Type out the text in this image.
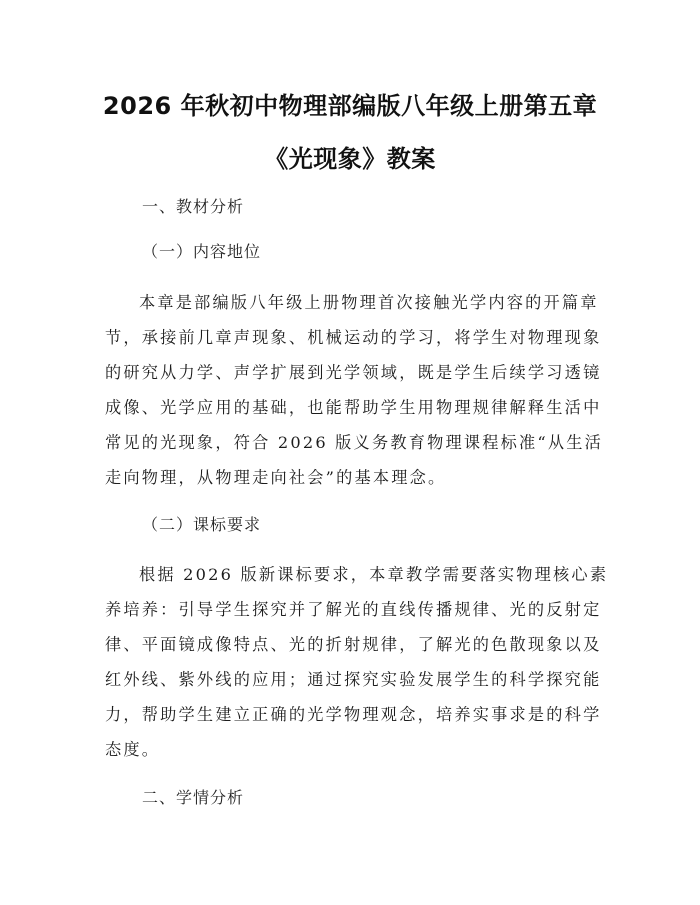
2026 年秋初中物理部编版八年级上册第五章
《光现象》教案
一、教材分析
（一）内容地位
本章是部编版八年级上册物理首次接触光学内容的开篇章
节，承接前几章声现象、机械运动的学习，将学生对物理现象
的研究从力学、声学扩展到光学领域，既是学生后续学习透镜
成像、光学应用的基础，也能帮助学生用物理规律解释生活中
常见的光现象，符合 2026 版义务教育物理课程标准“从生活
走向物理，从物理走向社会”的基本理念。
（二）课标要求
根据 2026 版新课标要求，本章教学需要落实物理核心素
养培养：引导学生探究并了解光的直线传播规律、光的反射定
律、平面镜成像特点、光的折射规律，了解光的色散现象以及
红外线、紫外线的应用；通过探究实验发展学生的科学探究能
力，帮助学生建立正确的光学物理观念，培养实事求是的科学
态度。
二、学情分析
